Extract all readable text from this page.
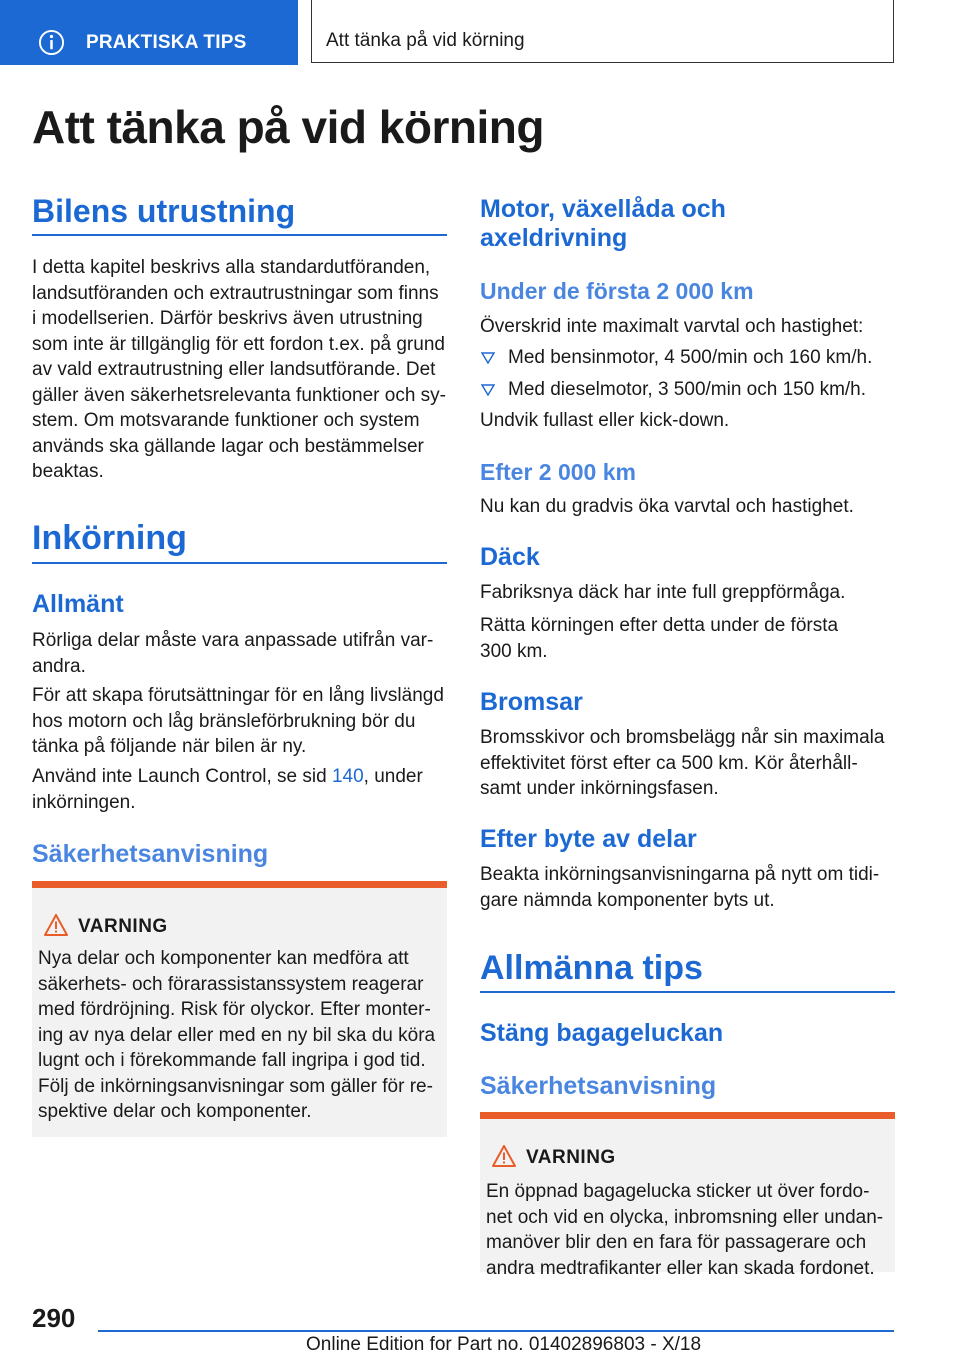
PRAKTISKA TIPS	Att tänka på vid körning
Att tänka på vid körning
Bilens utrustning

I detta kapitel beskrivs alla standardutföranden, landsutföranden och extrautrustningar som finns i modellserien. Därför beskrivs även utrustning som inte är tillgänglig för ett fordon t.ex. på grund av vald extrautrustning eller landsutförande. Det gäller även säkerhetsrelevanta funktioner och sy-stem. Om motsvarande funktioner och system används ska gällande lagar och bestämmelser beaktas.

Inkörning
Allmänt

Rörliga delar måste vara anpassade utifrån var-andra.

För att skapa förutsättningar för en lång livslängd hos motorn och låg bränsleförbrukning bör du tänka på följande när bilen är ny.

Använd inte Launch Control, se sid 140, under inkörningen.

Säkerhetsanvisning
VARNING

Nya delar och komponenter kan medföra att säkerhets- och förarassistanssystem reagerar med fördröjning. Risk för olyckor. Efter monter-ing av nya delar eller med en ny bil ska du köra lugnt och i förekommande fall ingripa i god tid. Följ de inkörningsanvisningar som gäller för re-spektive delar och komponenter.

Motor, växellåda och axeldrivning
Under de första 2 000 km

Överskrid inte maximalt varvtal och hastighet:

Med bensinmotor, 4 500/min och 160 km/h.
Med dieselmotor, 3 500/min och 150 km/h.

Undvik fullast eller kick-down.

Efter 2 000 km

Nu kan du gradvis öka varvtal och hastighet.

Däck

Fabriksnya däck har inte full greppförmåga.

Rätta körningen efter detta under de första 300 km.

Bromsar

Bromsskivor och bromsbelägg når sin maximala effektivitet först efter ca 500 km. Kör återhåll-samt under inkörningsfasen.

Efter byte av delar

Beakta inkörningsanvisningarna på nytt om tidi-gare nämnda komponenter byts ut.

Allmänna tips
Stäng bagageluckan
Säkerhetsanvisning
VARNING

En öppnad bagagelucka sticker ut över fordo-net och vid en olycka, inbromsning eller undan-manöver blir den en fara för passagerare och andra medtrafikanter eller kan skada fordonet.

290
Online Edition for Part no. 01402896803 - X/18
